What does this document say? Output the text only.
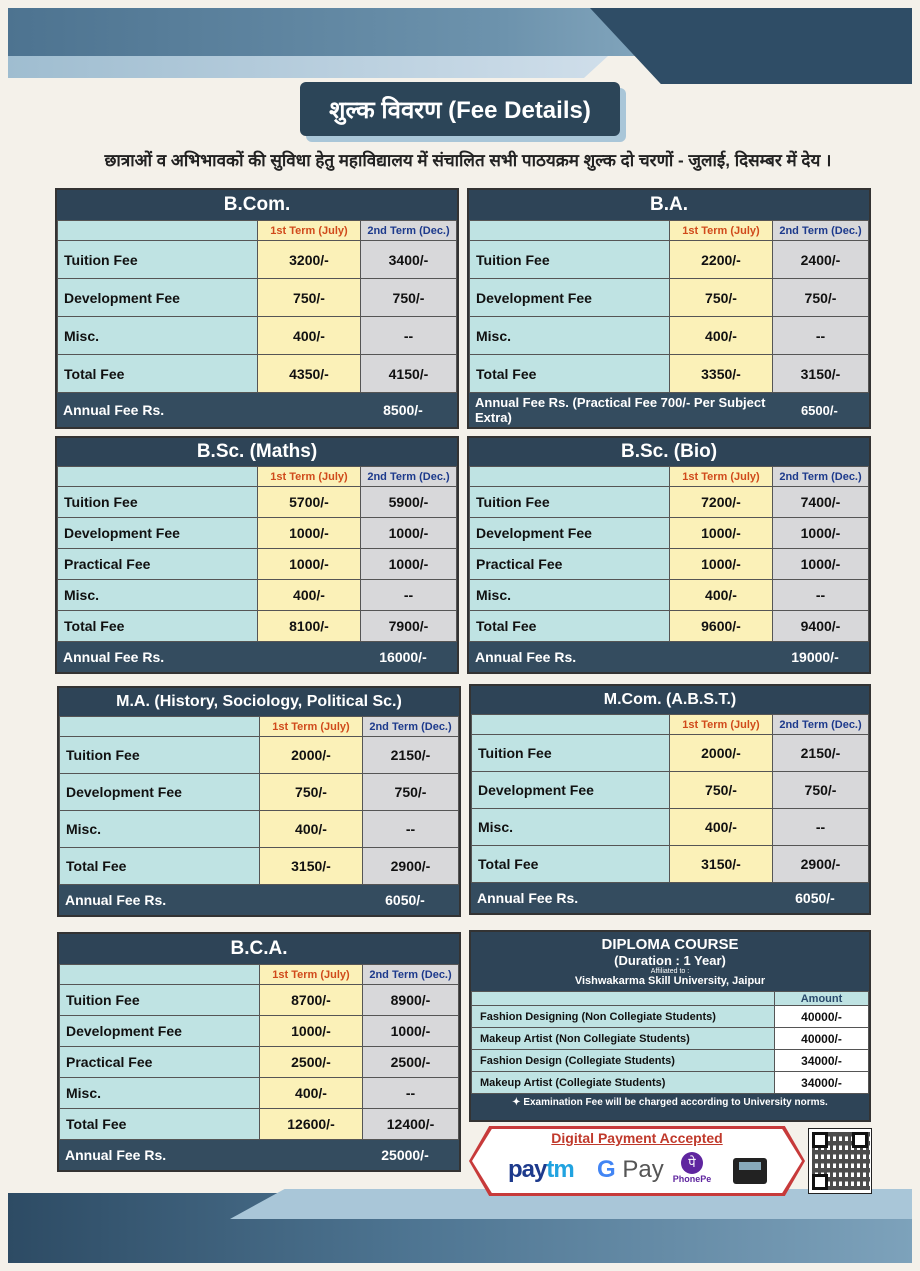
शुल्क विवरण (Fee Details)
छात्राओं व अभिभावकों की सुविधा हेतु महाविद्यालय में संचालित सभी पाठयक्रम शुल्क दो चरणों - जुलाई, दिसम्बर में देय ।
B.Com.
	1st Term (July)	2nd Term (Dec.)
Tuition Fee	3200/-	3400/-
Development Fee	750/-	750/-
Misc.	400/-	--
Total Fee	4350/-	4150/-
Annual Fee Rs.	8500/-
B.A.
	1st Term (July)	2nd Term (Dec.)
Tuition Fee	2200/-	2400/-
Development Fee	750/-	750/-
Misc.	400/-	--
Total Fee	3350/-	3150/-
Annual Fee Rs. (Practical Fee 700/- Per Subject Extra)	6500/-
B.Sc. (Maths)
	1st Term (July)	2nd Term (Dec.)
Tuition Fee	5700/-	5900/-
Development Fee	1000/-	1000/-
Practical Fee	1000/-	1000/-
Misc.	400/-	--
Total Fee	8100/-	7900/-
Annual Fee Rs.	16000/-
B.Sc. (Bio)
	1st Term (July)	2nd Term (Dec.)
Tuition Fee	7200/-	7400/-
Development Fee	1000/-	1000/-
Practical Fee	1000/-	1000/-
Misc.	400/-	--
Total Fee	9600/-	9400/-
Annual Fee Rs.	19000/-
M.A. (History, Sociology, Political Sc.)
	1st Term (July)	2nd Term (Dec.)
Tuition Fee	2000/-	2150/-
Development Fee	750/-	750/-
Misc.	400/-	--
Total Fee	3150/-	2900/-
Annual Fee Rs.	6050/-
M.Com. (A.B.S.T.)
	1st Term (July)	2nd Term (Dec.)
Tuition Fee	2000/-	2150/-
Development Fee	750/-	750/-
Misc.	400/-	--
Total Fee	3150/-	2900/-
Annual Fee Rs.	6050/-
B.C.A.
	1st Term (July)	2nd Term (Dec.)
Tuition Fee	8700/-	8900/-
Development Fee	1000/-	1000/-
Practical Fee	2500/-	2500/-
Misc.	400/-	--
Total Fee	12600/-	12400/-
Annual Fee Rs.	25000/-
DIPLOMA COURSE
(Duration : 1 Year)
Affiliated to :
Vishwakarma Skill University, Jaipur
	Amount
Fashion Designing (Non Collegiate Students)	40000/-
Makeup Artist (Non Collegiate Students)	40000/-
Fashion Design (Collegiate Students)	34000/-
Makeup Artist (Collegiate Students)	34000/-
✦ Examination Fee will be charged according to University norms.
Digital Payment Accepted
paytm G Pay	पे
PhonePe
